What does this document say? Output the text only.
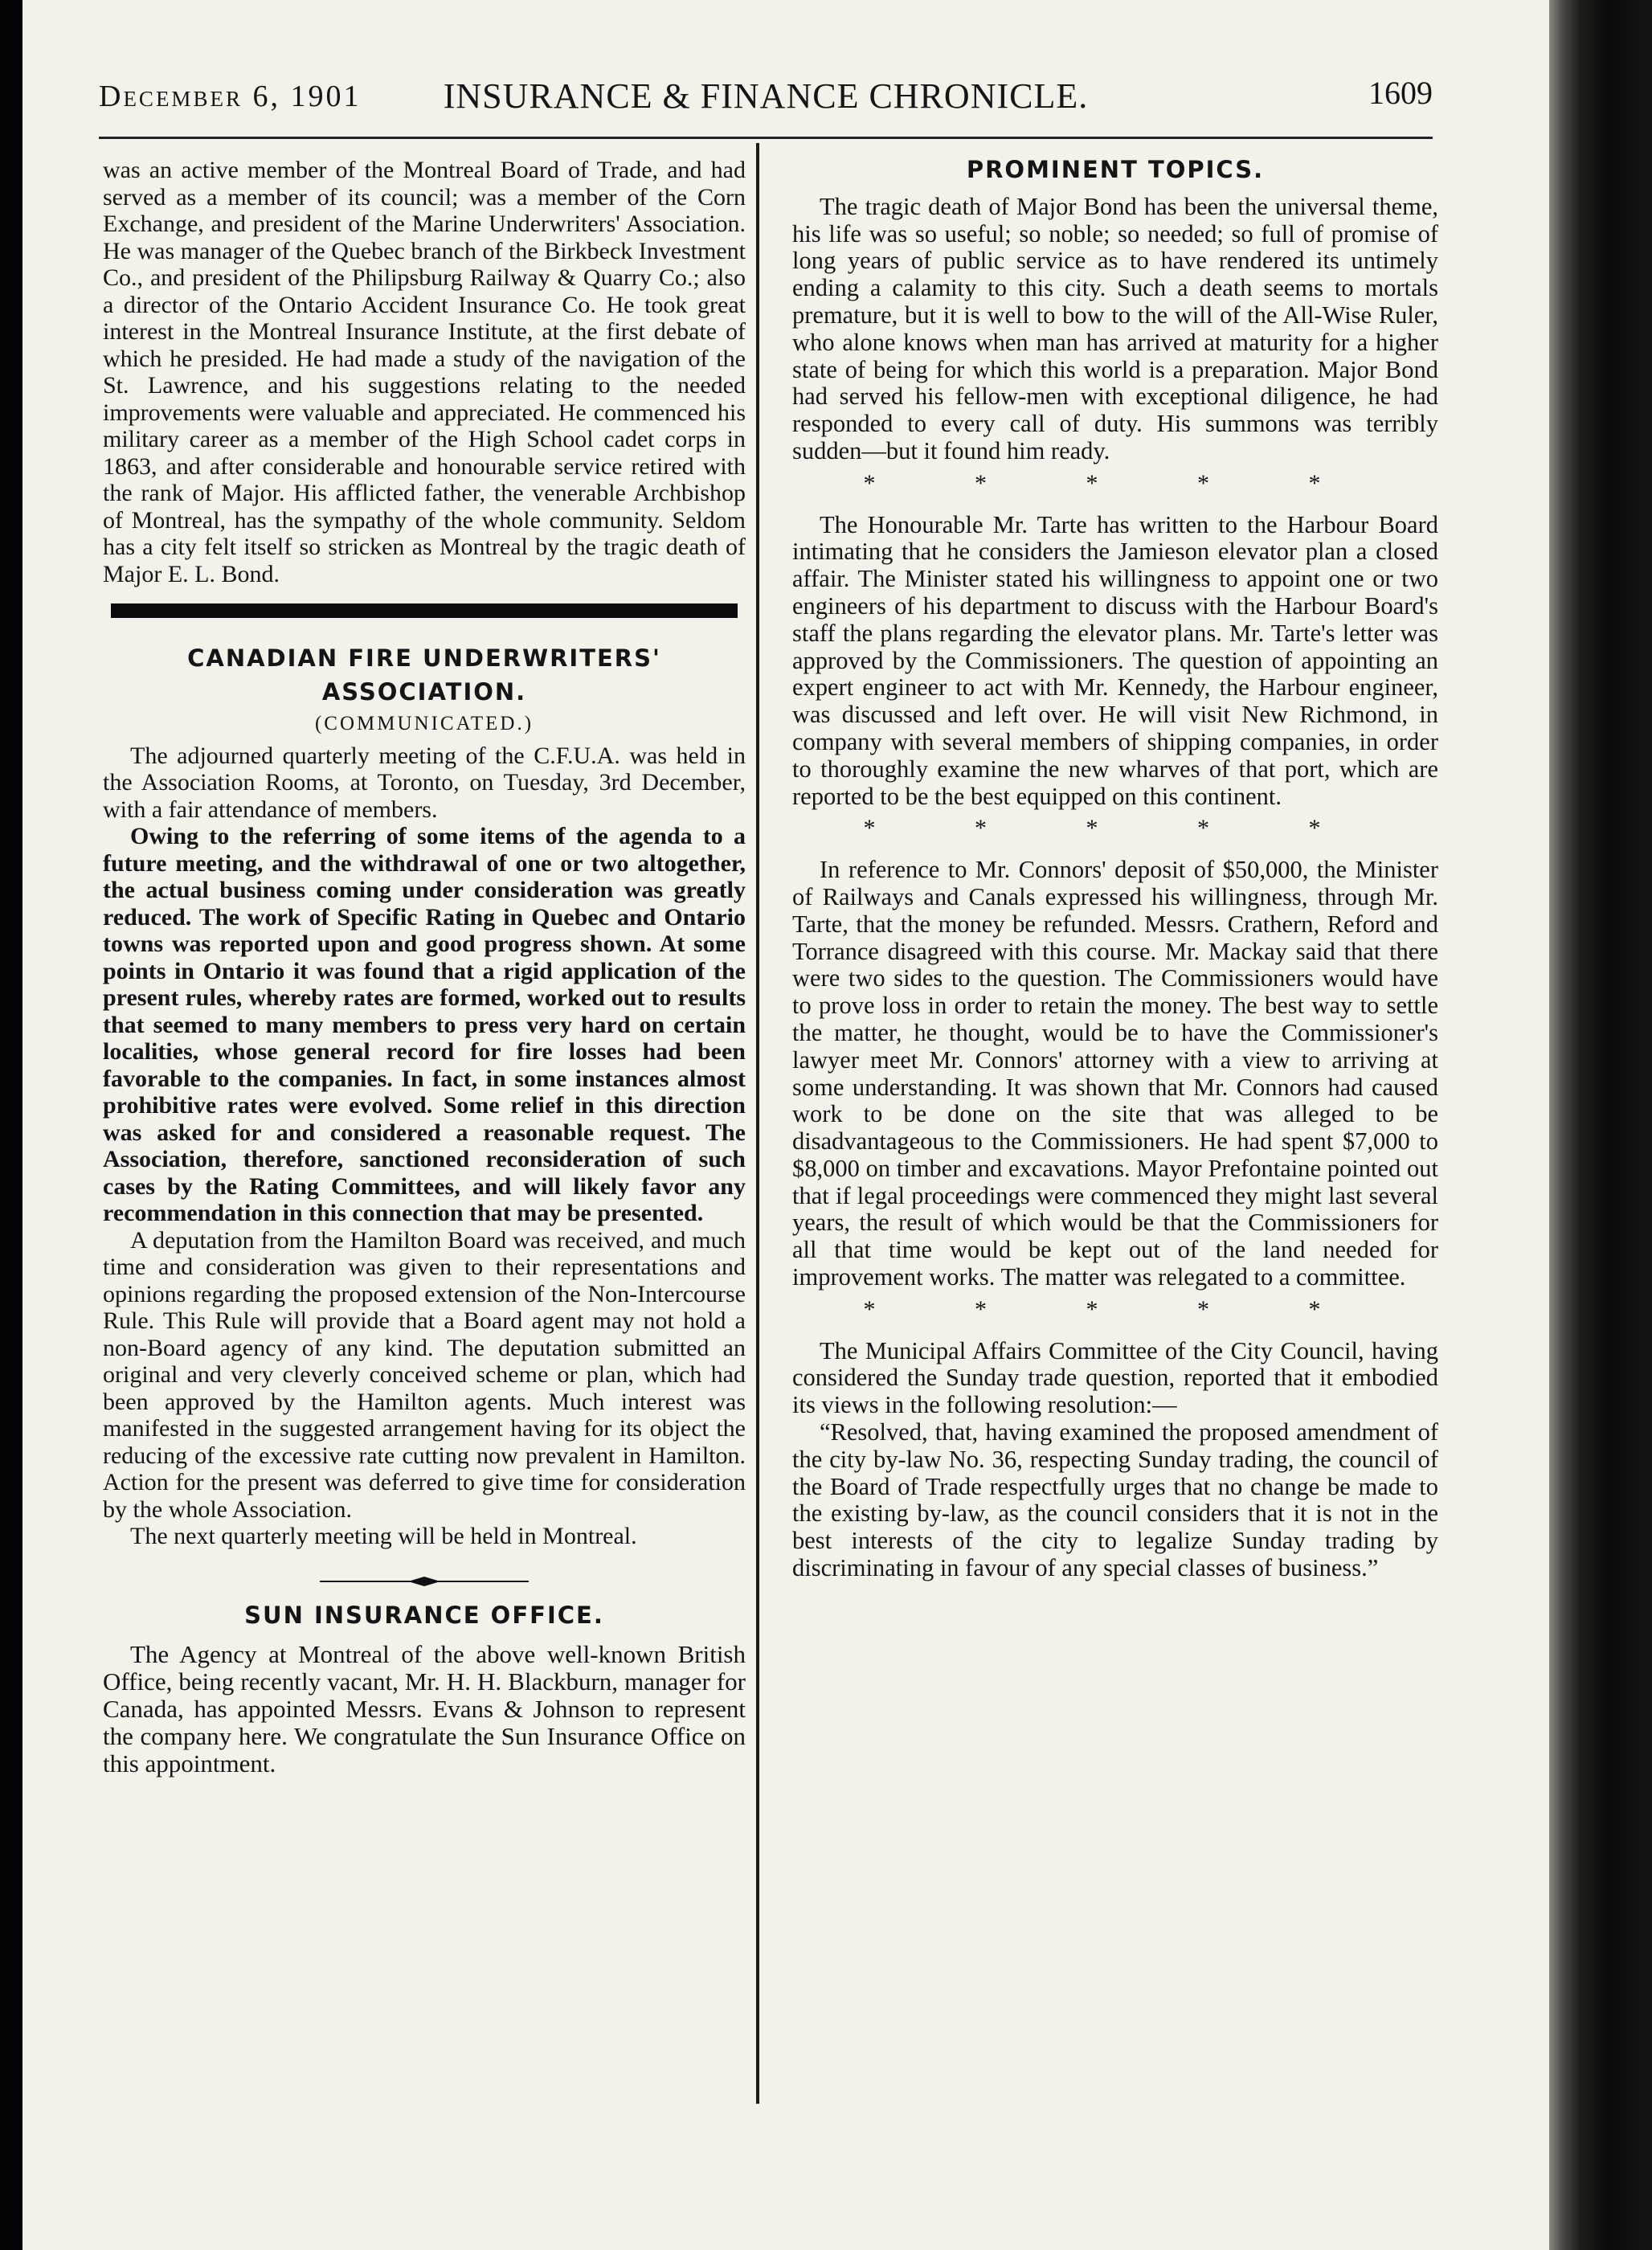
December 6, 1901	INSURANCE & FINANCE CHRONICLE.	1609

was an active member of the Montreal Board of Trade, and had served as a member of its council; was a member of the Corn Exchange, and president of the Marine Underwriters' Association. He was manager of the Quebec branch of the Birkbeck Investment Co., and president of the Philipsburg Railway & Quarry Co.; also a director of the Ontario Accident Insurance Co. He took great interest in the Montreal Insurance Institute, at the first debate of which he presided. He had made a study of the navigation of the St. Lawrence, and his suggestions relating to the needed improvements were valuable and appreciated. He commenced his military career as a member of the High School cadet corps in 1863, and after considerable and honourable service retired with the rank of Major. His afflicted father, the venerable Archbishop of Montreal, has the sympathy of the whole community. Seldom has a city felt itself so stricken as Montreal by the tragic death of Major E. L. Bond.

CANADIAN FIRE UNDERWRITERS'
ASSOCIATION.
(COMMUNICATED.)

The adjourned quarterly meeting of the C.F.U.A. was held in the Association Rooms, at Toronto, on Tuesday, 3rd December, with a fair attendance of members.

Owing to the referring of some items of the agenda to a future meeting, and the withdrawal of one or two altogether, the actual business coming under consideration was greatly reduced. The work of Specific Rating in Quebec and Ontario towns was reported upon and good progress shown. At some points in Ontario it was found that a rigid application of the present rules, whereby rates are formed, worked out to results that seemed to many members to press very hard on certain localities, whose general record for fire losses had been favorable to the companies. In fact, in some instances almost prohibitive rates were evolved. Some relief in this direction was asked for and considered a reasonable request. The Association, therefore, sanctioned reconsideration of such cases by the Rating Committees, and will likely favor any recommendation in this connection that may be presented.

A deputation from the Hamilton Board was received, and much time and consideration was given to their representations and opinions regarding the proposed extension of the Non-Intercourse Rule. This Rule will provide that a Board agent may not hold a non-Board agency of any kind. The deputation submitted an original and very cleverly conceived scheme or plan, which had been approved by the Hamilton agents. Much interest was manifested in the suggested arrangement having for its object the reducing of the excessive rate cutting now prevalent in Hamilton. Action for the present was deferred to give time for consideration by the whole Association.

The next quarterly meeting will be held in Montreal.

SUN INSURANCE OFFICE.

The Agency at Montreal of the above well-known British Office, being recently vacant, Mr. H. H. Blackburn, manager for Canada, has appointed Messrs. Evans & Johnson to represent the company here. We congratulate the Sun Insurance Office on this appointment.

PROMINENT TOPICS.

The tragic death of Major Bond has been the universal theme, his life was so useful; so noble; so needed; so full of promise of long years of public service as to have rendered its untimely ending a calamity to this city. Such a death seems to mortals premature, but it is well to bow to the will of the All-Wise Ruler, who alone knows when man has arrived at maturity for a higher state of being for which this world is a preparation. Major Bond had served his fellow-men with exceptional diligence, he had responded to every call of duty. His summons was terribly sudden—but it found him ready.

* * * * *

The Honourable Mr. Tarte has written to the Harbour Board intimating that he considers the Jamieson elevator plan a closed affair. The Minister stated his willingness to appoint one or two engineers of his department to discuss with the Harbour Board's staff the plans regarding the elevator plans. Mr. Tarte's letter was approved by the Commissioners. The question of appointing an expert engineer to act with Mr. Kennedy, the Harbour engineer, was discussed and left over. He will visit New Richmond, in company with several members of shipping companies, in order to thoroughly examine the new wharves of that port, which are reported to be the best equipped on this continent.

* * * * *

In reference to Mr. Connors' deposit of $50,000, the Minister of Railways and Canals expressed his willingness, through Mr. Tarte, that the money be refunded. Messrs. Crathern, Reford and Torrance disagreed with this course. Mr. Mackay said that there were two sides to the question. The Commissioners would have to prove loss in order to retain the money. The best way to settle the matter, he thought, would be to have the Commissioner's lawyer meet Mr. Connors' attorney with a view to arriving at some understanding. It was shown that Mr. Connors had caused work to be done on the site that was alleged to be disadvantageous to the Commissioners. He had spent $7,000 to $8,000 on timber and excavations. Mayor Prefontaine pointed out that if legal proceedings were commenced they might last several years, the result of which would be that the Commissioners for all that time would be kept out of the land needed for improvement works. The matter was relegated to a committee.

* * * * *

The Municipal Affairs Committee of the City Council, having considered the Sunday trade question, reported that it embodied its views in the following resolution:—

“Resolved, that, having examined the proposed amendment of the city by-law No. 36, respecting Sunday trading, the council of the Board of Trade respectfully urges that no change be made to the existing by-law, as the council considers that it is not in the best interests of the city to legalize Sunday trading by discriminating in favour of any special classes of business.”
